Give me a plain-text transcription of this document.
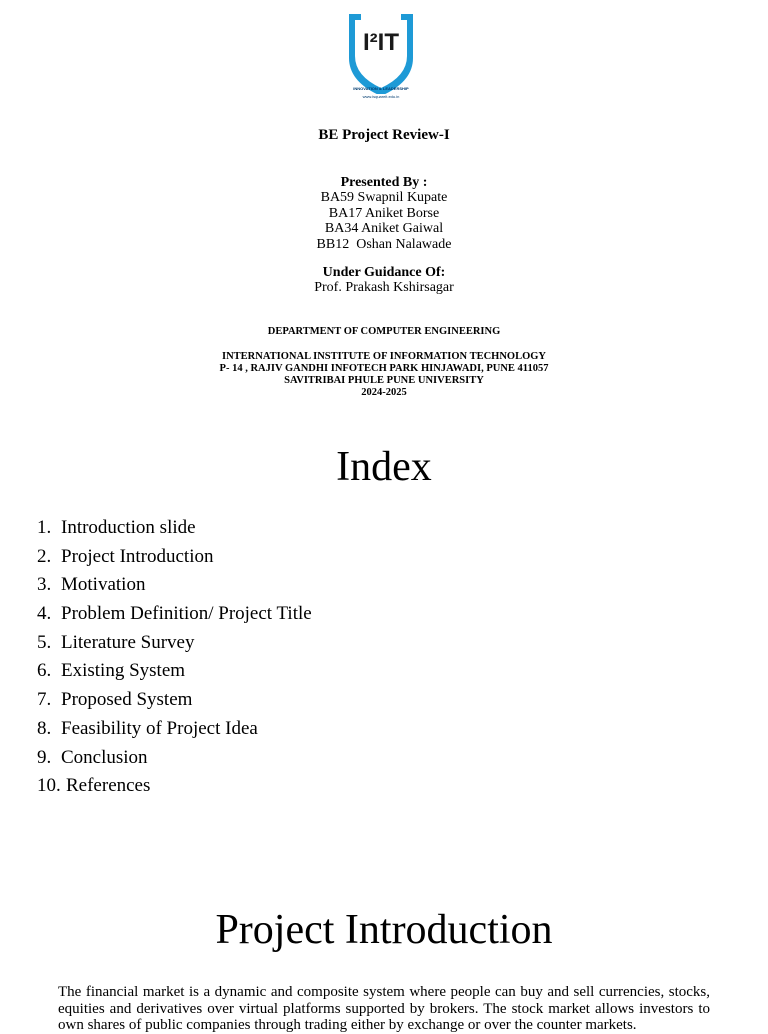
I²IT
INNOVATION & LEADERSHIP
www.isquareit.edu.in
BE Project Review-I
Presented By :
BA59 Swapnil Kupate
BA17 Aniket Borse
BA34 Aniket Gaiwal
BB12  Oshan Nalawade
Under Guidance Of:
Prof. Prakash Kshirsagar
DEPARTMENT OF COMPUTER ENGINEERING
INTERNATIONAL INSTITUTE OF INFORMATION TECHNOLOGY
P- 14 , RAJIV GANDHI INFOTECH PARK HINJAWADI, PUNE 411057
SAVITRIBAI PHULE PUNE UNIVERSITY
2024-2025
Index
1. Introduction slide
2. Project Introduction
3. Motivation
4. Problem Definition/ Project Title
5. Literature Survey
6. Existing System
7. Proposed System
8. Feasibility of Project Idea
9. Conclusion
10. References
Project Introduction
The financial market is a dynamic and composite system where people can buy and sell currencies, stocks, equities and derivatives over virtual platforms supported by brokers. The stock market allows investors to own shares of public companies through trading either by exchange or over the counter markets.
